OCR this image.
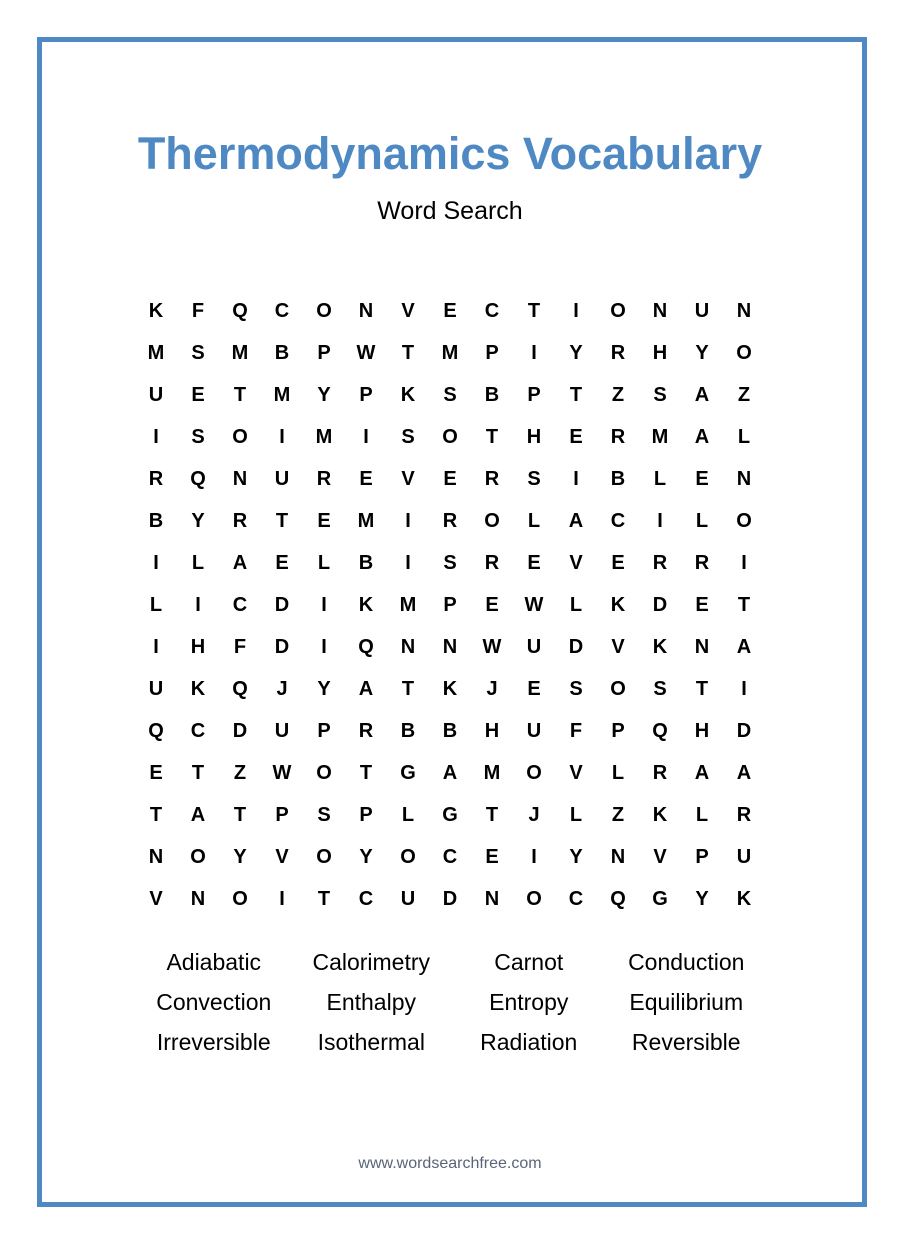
Thermodynamics Vocabulary
Word Search
K	F	Q	C	O	N	V	E	C	T	I	O	N	U	N
M	S	M	B	P	W	T	M	P	I	Y	R	H	Y	O
U	E	T	M	Y	P	K	S	B	P	T	Z	S	A	Z
I	S	O	I	M	I	S	O	T	H	E	R	M	A	L
R	Q	N	U	R	E	V	E	R	S	I	B	L	E	N
B	Y	R	T	E	M	I	R	O	L	A	C	I	L	O
I	L	A	E	L	B	I	S	R	E	V	E	R	R	I
L	I	C	D	I	K	M	P	E	W	L	K	D	E	T
I	H	F	D	I	Q	N	N	W	U	D	V	K	N	A
U	K	Q	J	Y	A	T	K	J	E	S	O	S	T	I
Q	C	D	U	P	R	B	B	H	U	F	P	Q	H	D
E	T	Z	W	O	T	G	A	M	O	V	L	R	A	A
T	A	T	P	S	P	L	G	T	J	L	Z	K	L	R
N	O	Y	V	O	Y	O	C	E	I	Y	N	V	P	U
V	N	O	I	T	C	U	D	N	O	C	Q	G	Y	K
Adiabatic	Calorimetry	Carnot	Conduction
Convection	Enthalpy	Entropy	Equilibrium
Irreversible	Isothermal	Radiation	Reversible
www.wordsearchfree.com
